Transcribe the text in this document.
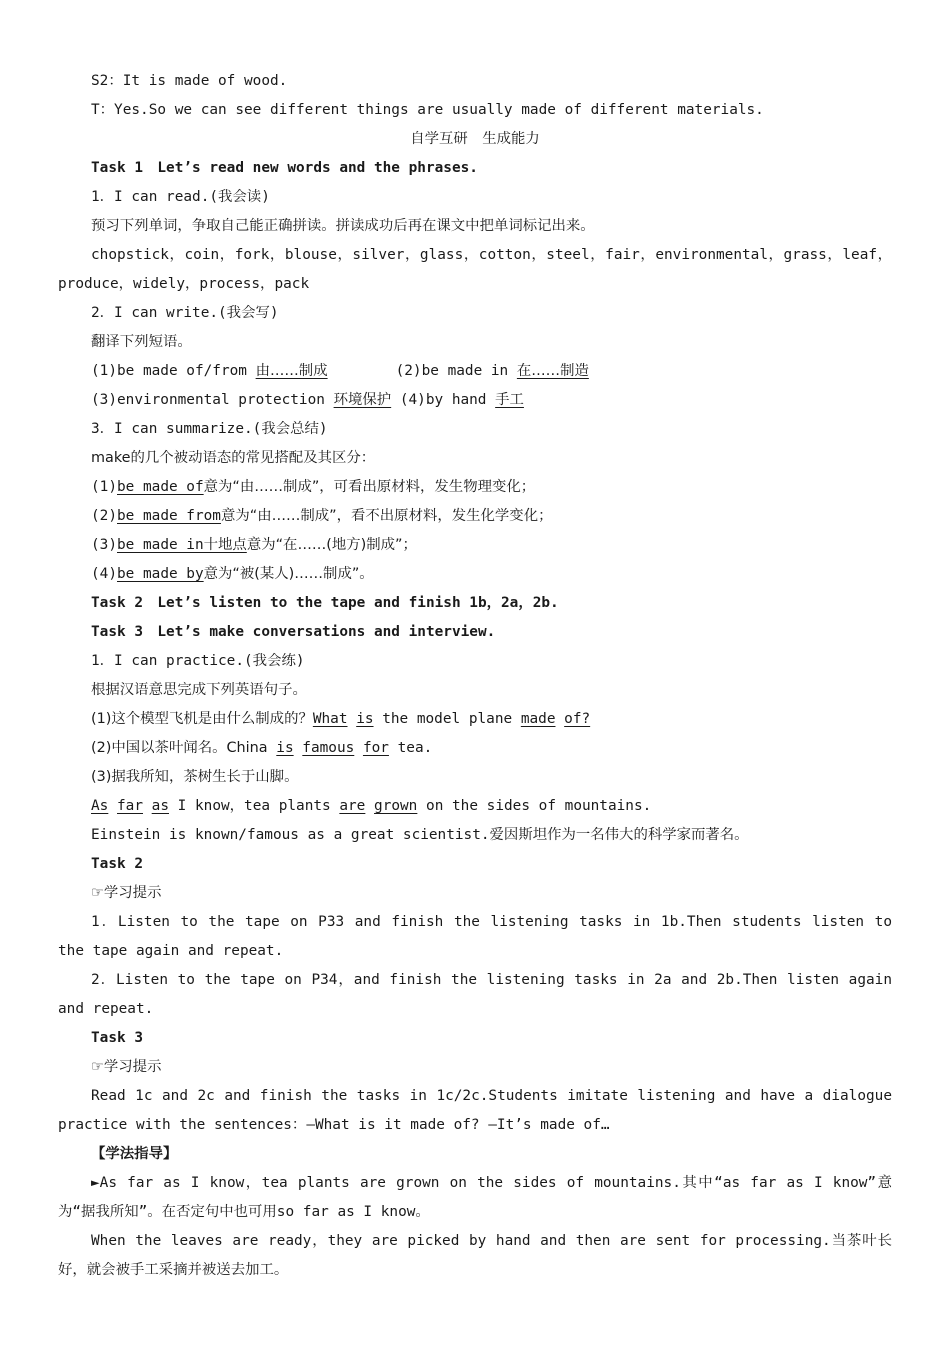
S2：It is made of wood.
T：Yes.So we can see different things are usually made of different materials.
自学互研　生成能力
Task 1　Let’s read new words and the phrases.
1．I can read.(我会读)
预习下列单词，争取自己能正确拼读。拼读成功后再在课文中把单词标记出来。
chopstick，coin，fork，blouse，silver，glass，cotton，steel，fair，environmental，grass，leaf，produce，widely，process，pack
2．I can write.(我会写)
翻译下列短语。
(1)be made of/from 由……制成	(2)be made in 在……制造
(3)environmental protection 环境保护 (4)by hand 手工
3．I can summarize.(我会总结)
make的几个被动语态的常见搭配及其区分：
(1)be made of意为“由……制成”，可看出原材料，发生物理变化；
(2)be made from意为“由……制成”，看不出原材料，发生化学变化；
(3)be made in十地点意为“在……(地方)制成”；
(4)be made by意为“被(某人)……制成”。
Task 2　Let’s listen to the tape and finish 1b，2a，2b.
Task 3　Let’s make conversations and interview.
1．I can practice.(我会练)
根据汉语意思完成下列英语句子。
(1)这个模型飞机是由什么制成的？What is the model plane made of?
(2)中国以茶叶闻名。China is famous for tea.
(3)据我所知，茶树生长于山脚。
As far as I know，tea plants are grown on the sides of mountains.
Einstein is known/famous as a great scientist.爱因斯坦作为一名伟大的科学家而著名。
Task 2
☞学习提示
1．Listen to the tape on P33 and finish the listening tasks in 1b.Then students listen to the tape again and repeat.
2．Listen to the tape on P34，and finish the listening tasks in 2a and 2b.Then listen again and repeat.
Task 3
☞学习提示
Read 1c and 2c and finish the tasks in 1c/2c.Students imitate listening and have a dialogue practice with the sentences：—What is it made of? —It’s made of…
【学法指导】
►As far as I know，tea plants are grown on the sides of mountains.其中“as far as I know”意为“据我所知”。在否定句中也可用so far as I know。
When the leaves are ready，they are picked by hand and then are sent for processing.当茶叶长好，就会被手工采摘并被送去加工。
